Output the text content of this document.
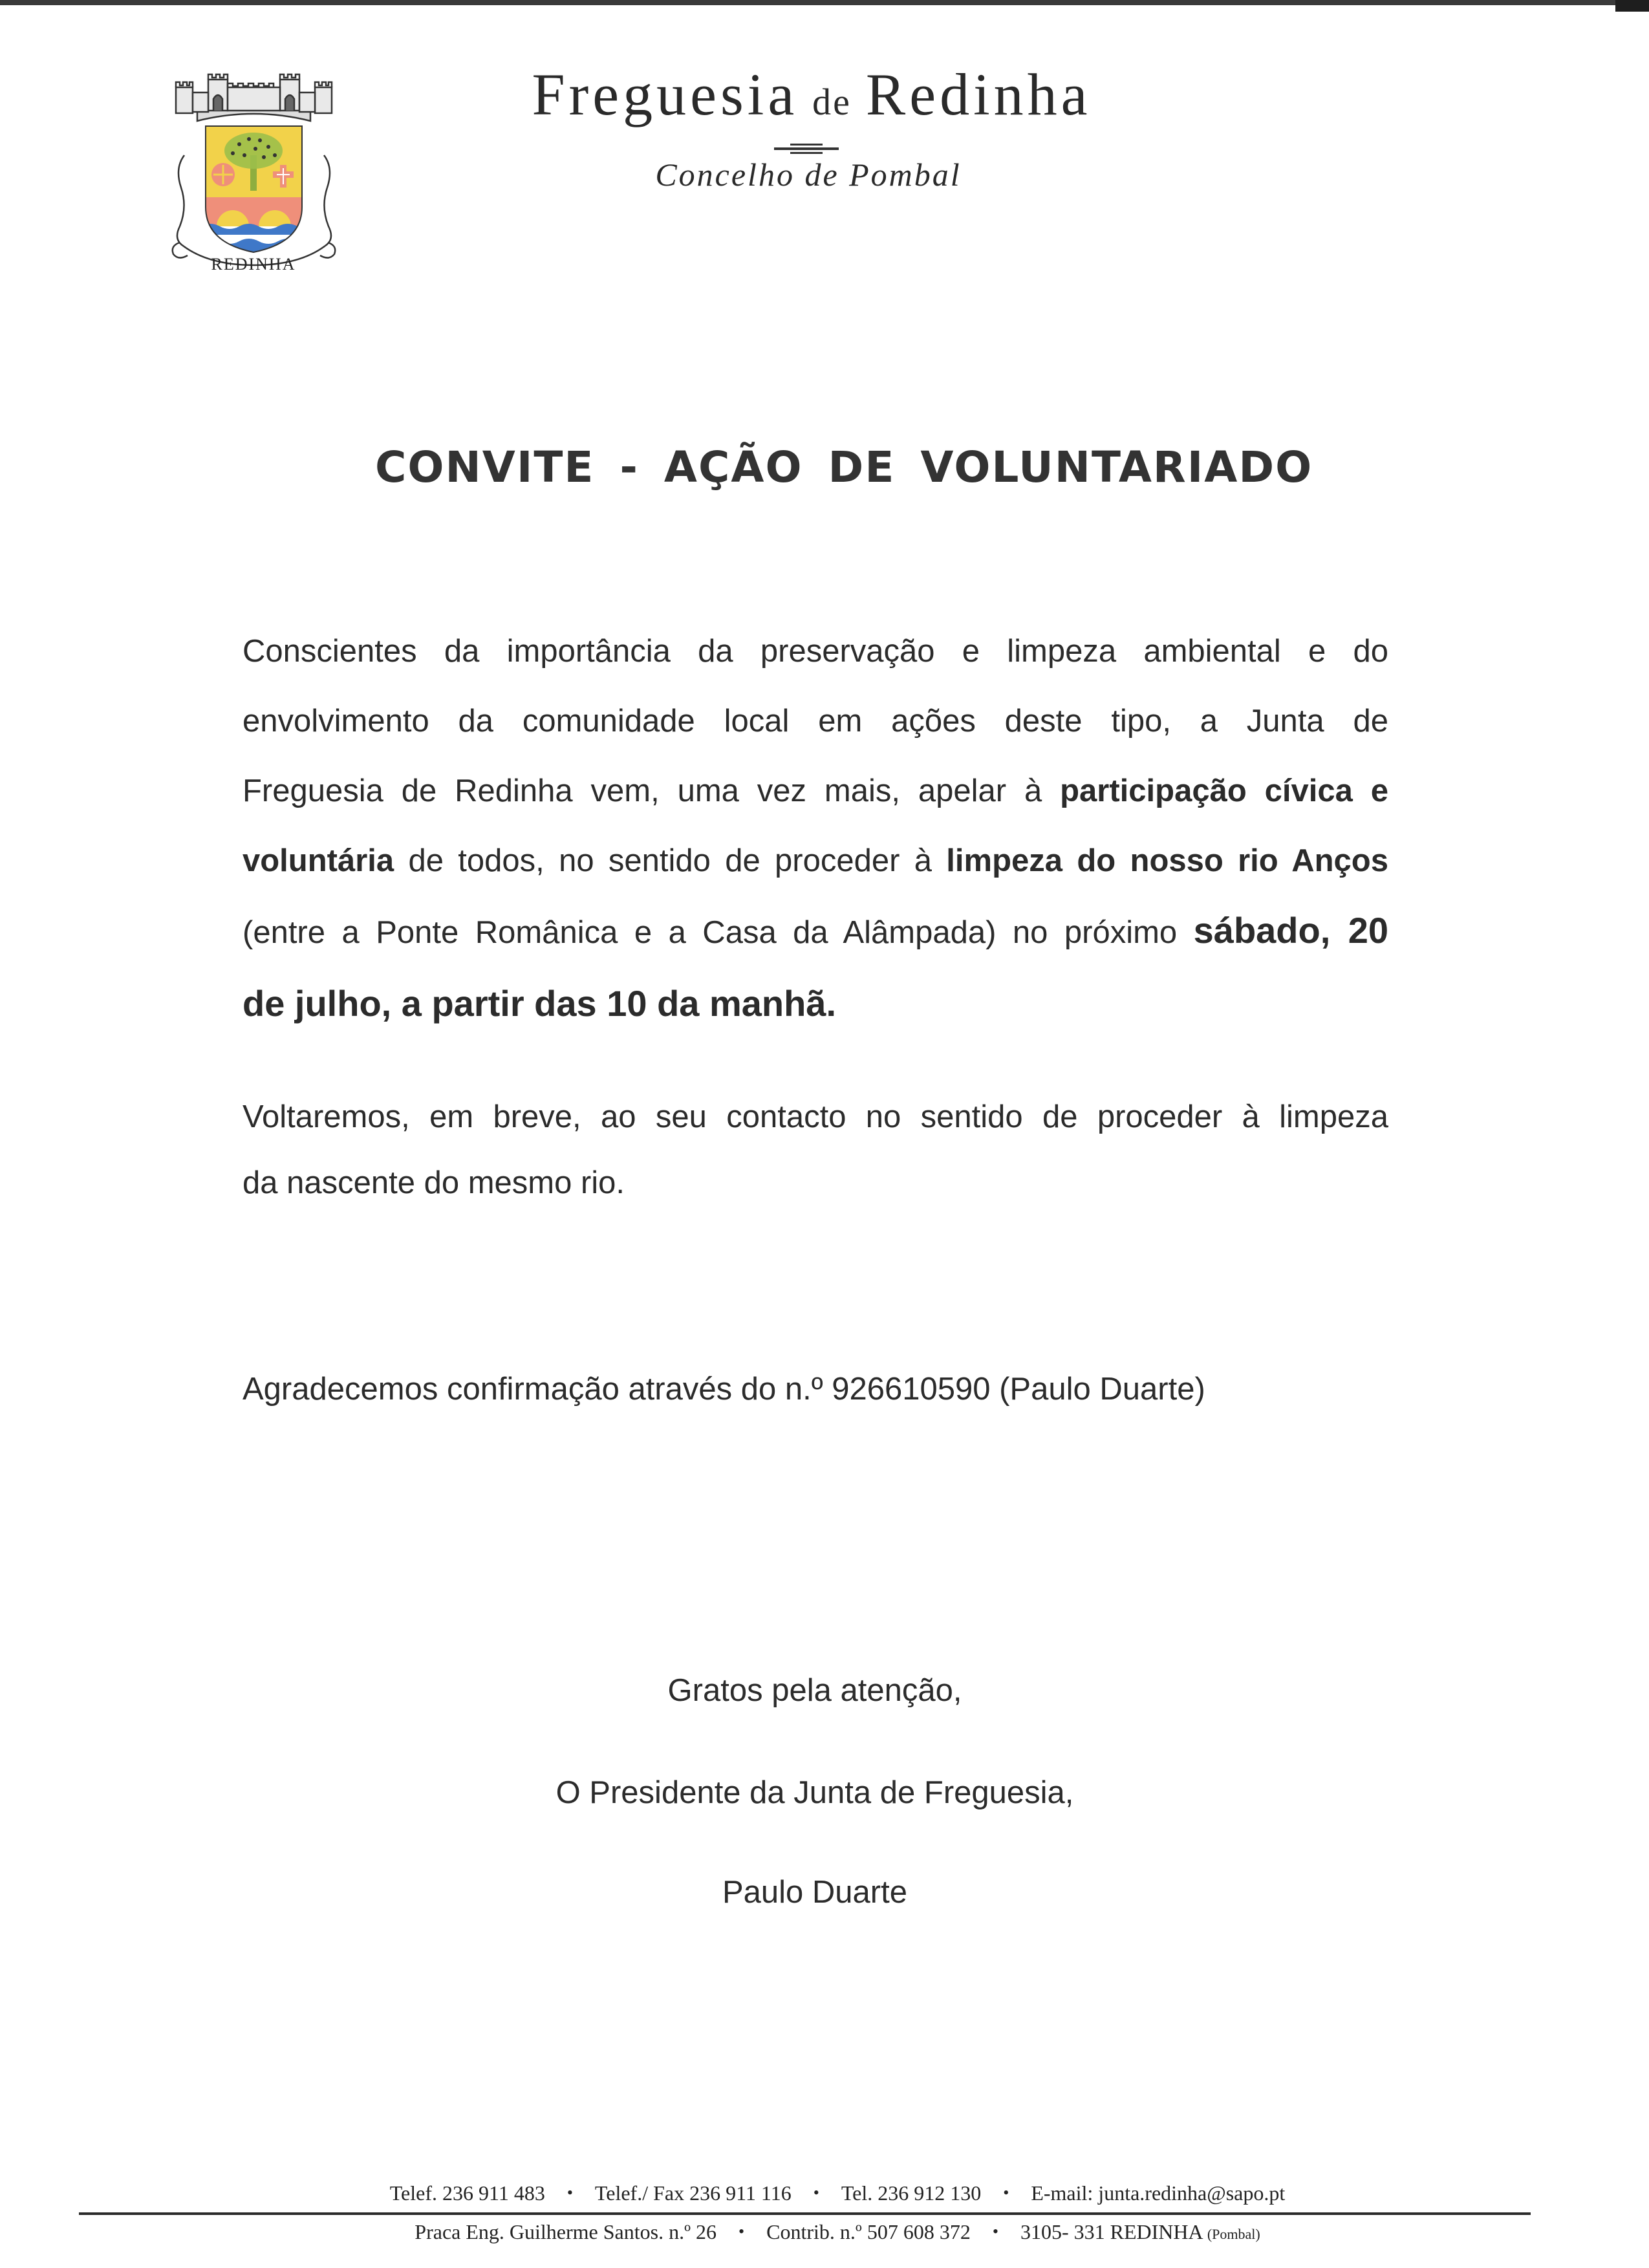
REDINHA
Freguesia de Redinha
Concelho de Pombal
CONVITE - AÇÃO DE VOLUNTARIADO
Conscientes da importância da preservação e limpeza ambiental e do
envolvimento da comunidade local em ações deste tipo, a Junta de
Freguesia de Redinha vem, uma vez mais, apelar à participação cívica e
voluntária de todos, no sentido de proceder à limpeza do nosso rio Anços
(entre a Ponte Românica e a Casa da Alâmpada) no próximo sábado, 20
de julho, a partir das 10 da manhã.
Voltaremos, em breve, ao seu contacto no sentido de proceder à limpeza
da nascente do mesmo rio.
Agradecemos confirmação através do n.º 926610590 (Paulo Duarte)
Gratos pela atenção,
O Presidente da Junta de Freguesia,
Paulo Duarte
Telef. 236 911 483 • Telef./ Fax 236 911 116 • Tel. 236 912 130 • E-mail: junta.redinha@sapo.pt
Praca Eng. Guilherme Santos. n.º 26 • Contrib. n.º 507 608 372 • 3105- 331 REDINHA (Pombal)
